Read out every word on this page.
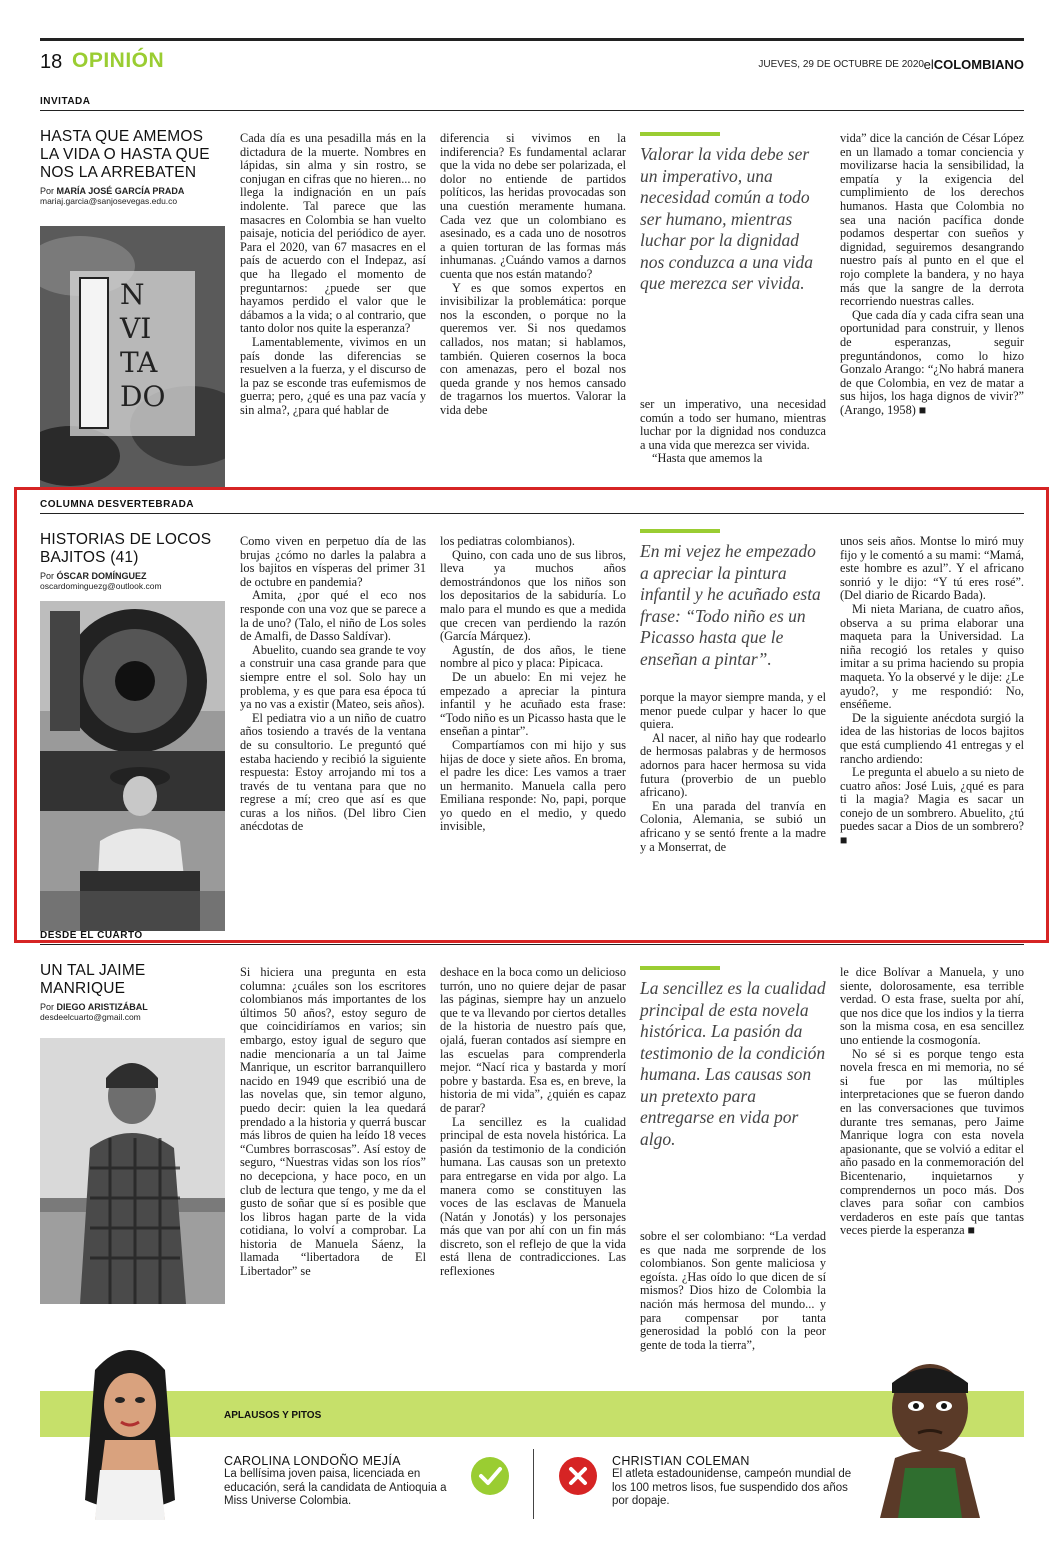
18 OPINIÓN	JUEVES, 29 DE OCTUBRE DE 2020 elCOLOMBIANO
INVITADA
HASTA QUE AMEMOS LA VIDA O HASTA QUE NOS LA ARREBATEN
Por MARÍA JOSÉ GARCÍA PRADA
mariaj.garcia@sanjosevegas.edu.co
N
VI
TA
DO

Cada día es una pesadilla más en la dictadura de la muerte. Nombres en lápidas, sin alma y sin rostro, se conjugan en cifras que no hieren... no llega la indignación en un país indolente. Tal parece que las masacres en Colombia se han vuelto paisaje, noticia del periódico de ayer. Para el 2020, van 67 masacres en el país de acuerdo con el Indepaz, así que ha llegado el momento de preguntarnos: ¿puede ser que hayamos perdido el valor que le dábamos a la vida; o al contrario, que tanto dolor nos quite la esperanza?

Lamentablemente, vivimos en un país donde las diferencias se resuelven a la fuerza, y el discurso de la paz se esconde tras eufemismos de guerra; pero, ¿qué es una paz vacía y sin alma?, ¿para qué hablar de

diferencia si vivimos en la indiferencia? Es fundamental aclarar que la vida no debe ser polarizada, el dolor no entiende de partidos políticos, las heridas provocadas son una cuestión meramente humana. Cada vez que un colombiano es asesinado, es a cada uno de nosotros a quien torturan de las formas más inhumanas. ¿Cuándo vamos a darnos cuenta que nos están matando?

Y es que somos expertos en invisibilizar la problemática: porque nos la esconden, o porque no la queremos ver. Si nos quedamos callados, nos matan; si hablamos, también. Quieren cosernos la boca con amenazas, pero el bozal nos queda grande y nos hemos cansado de tragarnos los muertos. Valorar la vida debe

Valorar la vida debe ser un imperativo, una necesidad común a todo ser humano, mientras luchar por la dignidad nos conduzca a una vida que merezca ser vivida.

ser un imperativo, una necesidad común a todo ser humano, mientras luchar por la dignidad nos conduzca a una vida que merezca ser vivida.

“Hasta que amemos la

vida” dice la canción de César López en un llamado a tomar conciencia y movilizarse hacia la sensibilidad, la empatía y la exigencia del cumplimiento de los derechos humanos. Hasta que Colombia no sea una nación pacífica donde podamos despertar con sueños y dignidad, seguiremos desangrando nuestro país al punto en el que el rojo complete la bandera, y no haya más que la sangre de la derrota recorriendo nuestras calles.

Que cada día y cada cifra sean una oportunidad para construir, y llenos de esperanzas, seguir preguntándonos, como lo hizo Gonzalo Arango: “¿No habrá manera de que Colombia, en vez de matar a sus hijos, los haga dignos de vivir?” (Arango, 1958) ■

COLUMNA DESVERTEBRADA
HISTORIAS DE LOCOS BAJITOS (41)
Por ÓSCAR DOMÍNGUEZ
oscardominguezg@outlook.com

Como viven en perpetuo día de las brujas ¿cómo no darles la palabra a los bajitos en vísperas del primer 31 de octubre en pandemia?

Amita, ¿por qué el eco nos responde con una voz que se parece a la de uno? (Talo, el niño de Los soles de Amalfi, de Dasso Saldívar).

Abuelito, cuando sea grande te voy a construir una casa grande para que siempre entre el sol. Solo hay un problema, y es que para esa época tú ya no vas a existir (Mateo, seis años).

El pediatra vio a un niño de cuatro años tosiendo a través de la ventana de su consultorio. Le preguntó qué estaba haciendo y recibió la siguiente respuesta: Estoy arrojando mi tos a través de tu ventana para que no regrese a mí; creo que así es que curas a los niños. (Del libro Cien anécdotas de

los pediatras colombianos).

Quino, con cada uno de sus libros, lleva ya muchos años demostrándonos que los niños son los depositarios de la sabiduría. Lo malo para el mundo es que a medida que crecen van perdiendo la razón (García Márquez).

Agustín, de dos años, le tiene nombre al pico y placa: Pipicaca.

De un abuelo: En mi vejez he empezado a apreciar la pintura infantil y he acuñado esta frase: “Todo niño es un Picasso hasta que le enseñan a pintar”.

Compartíamos con mi hijo y sus hijas de doce y siete años. En broma, el padre les dice: Les vamos a traer un hermanito. Manuela calla pero Emiliana responde: No, papi, porque yo quedo en el medio, y quedo invisible,

En mi vejez he empezado a apreciar la pintura infantil y he acuñado esta frase: “Todo niño es un Picasso hasta que le enseñan a pintar”.

porque la mayor siempre manda, y el menor puede culpar y hacer lo que quiera.

Al nacer, al niño hay que rodearlo de hermosas palabras y de hermosos adornos para hacer hermosa su vida futura (proverbio de un pueblo africano).

En una parada del tranvía en Colonia, Alemania, se subió un africano y se sentó frente a la madre y a Monserrat, de

unos seis años. Montse lo miró muy fijo y le comentó a su mami: “Mamá, este hombre es azul”. Y el africano sonrió y le dijo: “Y tú eres rosé”. (Del diario de Ricardo Bada).

Mi nieta Mariana, de cuatro años, observa a su prima elaborar una maqueta para la Universidad. La niña recogió los retales y quiso imitar a su prima haciendo su propia maqueta. Yo la observé y le dije: ¿Le ayudo?, y me respondió: No, enséñeme.

De la siguiente anécdota surgió la idea de las historias de locos bajitos que está cumpliendo 41 entregas y el rancho ardiendo:

Le pregunta el abuelo a su nieto de cuatro años: José Luis, ¿qué es para ti la magia? Magia es sacar un conejo de un sombrero. Abuelito, ¿tú puedes sacar a Dios de un sombrero? ■

DESDE EL CUARTO
UN TAL JAIME MANRIQUE
Por DIEGO ARISTIZÁBAL
desdeelcuarto@gmail.com

Si hiciera una pregunta en esta columna: ¿cuáles son los escritores colombianos más importantes de los últimos 50 años?, estoy seguro de que coincidiríamos en varios; sin embargo, estoy igual de seguro que nadie mencionaría a un tal Jaime Manrique, un escritor barranquillero nacido en 1949 que escribió una de las novelas que, sin temor alguno, puedo decir: quien la lea quedará prendado a la historia y querrá buscar más libros de quien ha leído 18 veces “Cumbres borrascosas”. Así estoy de seguro, “Nuestras vidas son los ríos” no decepciona, y hace poco, en un club de lectura que tengo, y me da el gusto de soñar que sí es posible que los libros hagan parte de la vida cotidiana, lo volví a comprobar. La historia de Manuela Sáenz, la llamada “libertadora de El Libertador” se

deshace en la boca como un delicioso turrón, uno no quiere dejar de pasar las páginas, siempre hay un anzuelo que te va llevando por ciertos detalles de la historia de nuestro país que, ojalá, fueran contados así siempre en las escuelas para comprenderla mejor. “Nací rica y bastarda y morí pobre y bastarda. Esa es, en breve, la historia de mi vida”, ¿quién es capaz de parar?

La sencillez es la cualidad principal de esta novela histórica. La pasión da testimonio de la condición humana. Las causas son un pretexto para entregarse en vida por algo. La manera como se constituyen las voces de las esclavas de Manuela (Natán y Jonotás) y los personajes más que van por ahí con un fin más discreto, son el reflejo de que la vida está llena de contradicciones. Las reflexiones

La sencillez es la cualidad principal de esta novela histórica. La pasión da testimonio de la condición humana. Las causas son un pretexto para entregarse en vida por algo.

sobre el ser colombiano: “La verdad es que nada me sorprende de los colombianos. Son gente maliciosa y egoísta. ¿Has oído lo que dicen de sí mismos? Dios hizo de Colombia la nación más hermosa del mundo... y para compensar por tanta generosidad la pobló con la peor gente de toda la tierra”,

le dice Bolívar a Manuela, y uno siente, dolorosamente, esa terrible verdad. O esta frase, suelta por ahí, que nos dice que los indios y la tierra son la misma cosa, en esa sencillez uno entiende la cosmogonía.

No sé si es porque tengo esta novela fresca en mi memoria, no sé si fue por las múltiples interpretaciones que se fueron dando en las conversaciones que tuvimos durante tres semanas, pero Jaime Manrique logra con esta novela apasionante, que se volvió a editar el año pasado en la conmemoración del Bicentenario, inquietarnos y comprendernos un poco más. Dos claves para soñar con cambios verdaderos en este país que tantas veces pierde la esperanza ■

APLAUSOS Y PITOS
CAROLINA LONDOÑO MEJÍA
La bellísima joven paisa, licenciada en educación, será la candidata de Antioquia a Miss Universe Colombia.
CHRISTIAN COLEMAN
El atleta estadounidense, campeón mundial de los 100 metros lisos, fue suspendido dos años por dopaje.
